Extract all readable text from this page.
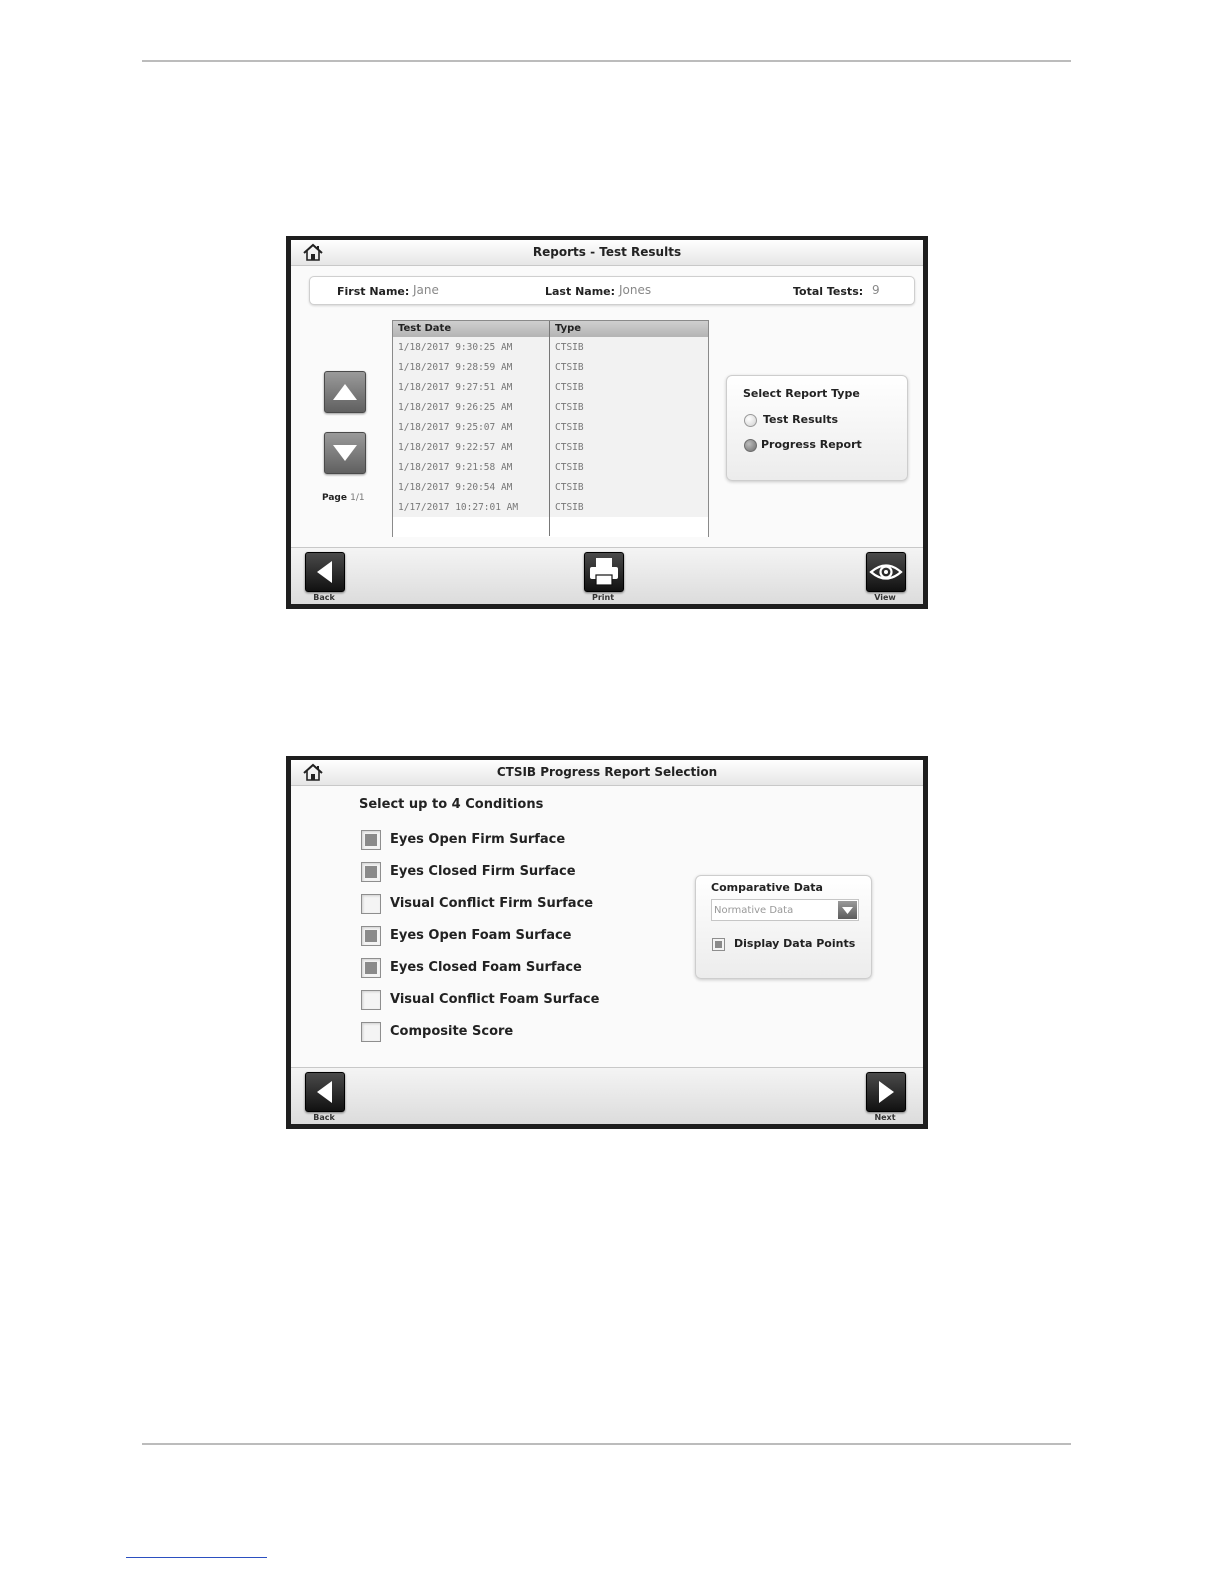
Reports - Test Results
First Name: Jane	Last Name: Jones	Total Tests: 9
Page 1/1
Test Date	Type
1/18/2017 9:30:25 AM	CTSIB
1/18/2017 9:28:59 AM	CTSIB
1/18/2017 9:27:51 AM	CTSIB
1/18/2017 9:26:25 AM	CTSIB
1/18/2017 9:25:07 AM	CTSIB
1/18/2017 9:22:57 AM	CTSIB
1/18/2017 9:21:58 AM	CTSIB
1/18/2017 9:20:54 AM	CTSIB
1/17/2017 10:27:01 AM	CTSIB
Select Report Type
Test Results
Progress Report
Back	Print	View
CTSIB Progress Report Selection
Select up to 4 Conditions
Eyes Open Firm Surface
Eyes Closed Firm Surface
Visual Conflict Firm Surface
Eyes Open Foam Surface
Eyes Closed Foam Surface
Visual Conflict Foam Surface
Composite Score
Comparative Data
Normative Data
Display Data Points
Back	Next
